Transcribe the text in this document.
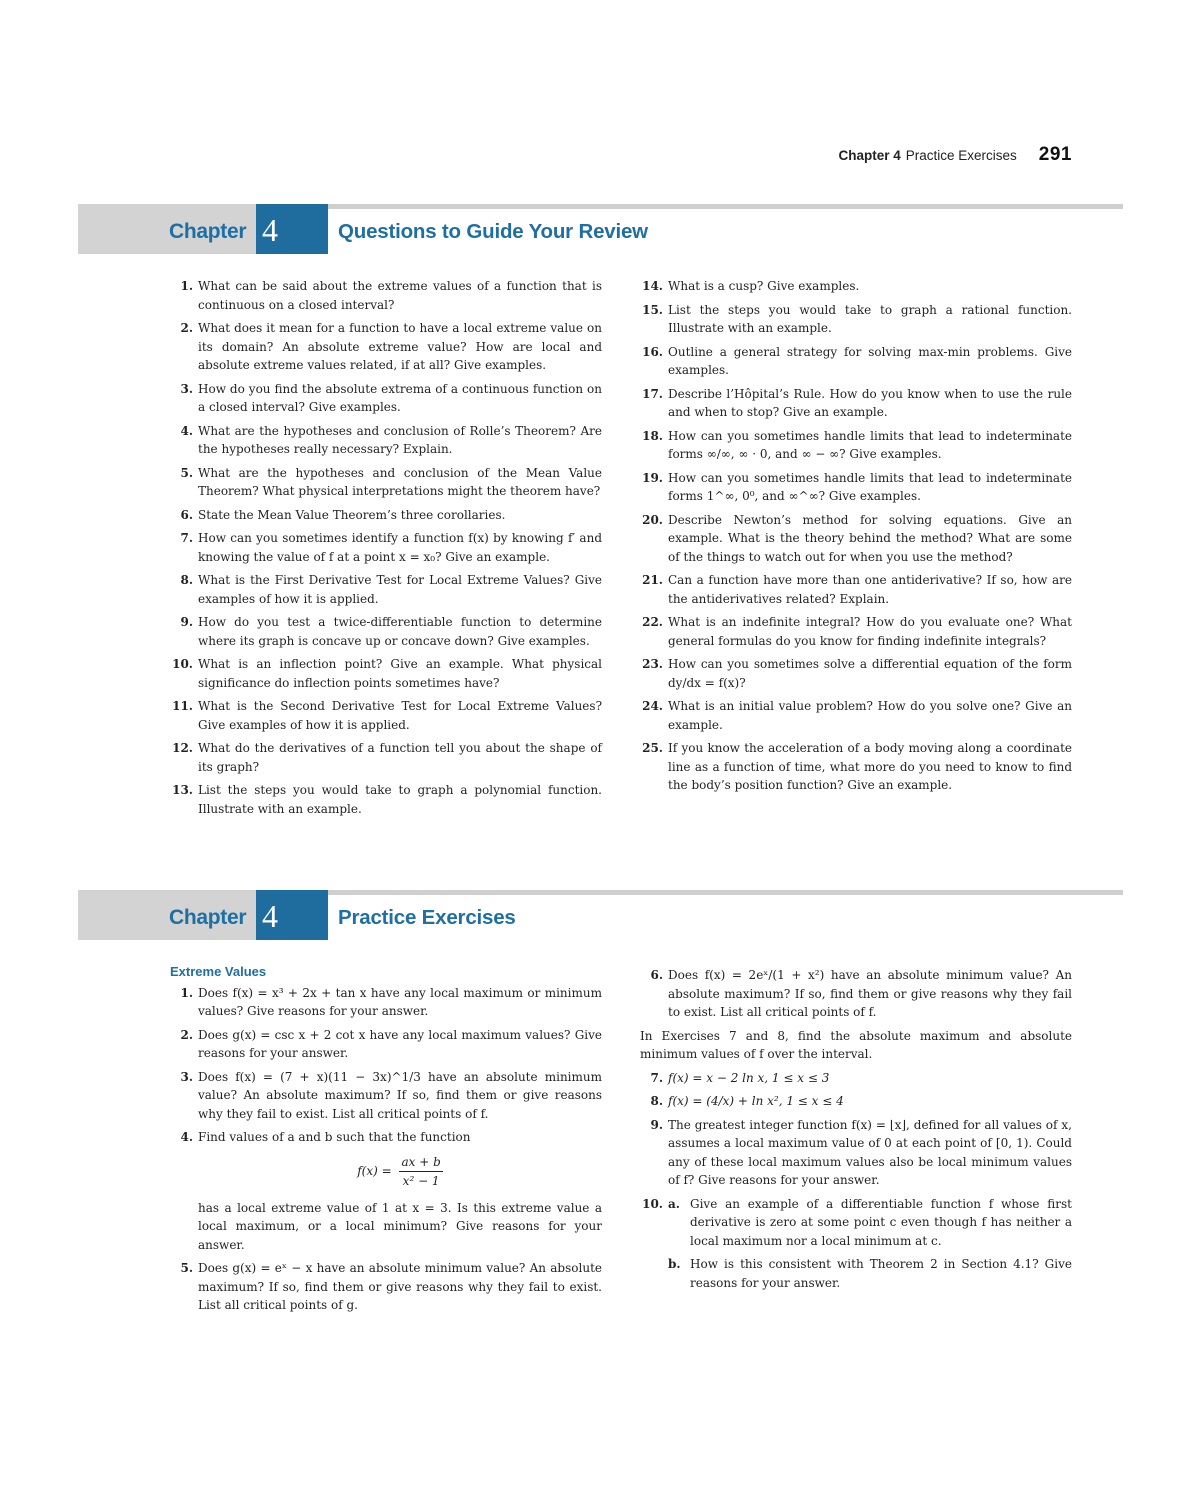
Chapter 4 Practice Exercises 291
Chapter 4	Questions to Guide Your Review
1. What can be said about the extreme values of a function that is continuous on a closed interval?
2. What does it mean for a function to have a local extreme value on its domain? An absolute extreme value? How are local and absolute extreme values related, if at all? Give examples.
3. How do you find the absolute extrema of a continuous function on a closed interval? Give examples.
4. What are the hypotheses and conclusion of Rolle’s Theorem? Are the hypotheses really necessary? Explain.
5. What are the hypotheses and conclusion of the Mean Value Theorem? What physical interpretations might the theorem have?
6. State the Mean Value Theorem’s three corollaries.
7. How can you sometimes identify a function f(x) by knowing f′ and knowing the value of f at a point x = x₀? Give an example.
8. What is the First Derivative Test for Local Extreme Values? Give examples of how it is applied.
9. How do you test a twice-differentiable function to determine where its graph is concave up or concave down? Give examples.
10. What is an inflection point? Give an example. What physical significance do inflection points sometimes have?
11. What is the Second Derivative Test for Local Extreme Values? Give examples of how it is applied.
12. What do the derivatives of a function tell you about the shape of its graph?
13. List the steps you would take to graph a polynomial function. Illustrate with an example.
14. What is a cusp? Give examples.
15. List the steps you would take to graph a rational function. Illustrate with an example.
16. Outline a general strategy for solving max-min problems. Give examples.
17. Describe l’Hôpital’s Rule. How do you know when to use the rule and when to stop? Give an example.
18. How can you sometimes handle limits that lead to indeterminate forms ∞/∞, ∞ · 0, and ∞ − ∞? Give examples.
19. How can you sometimes handle limits that lead to indeterminate forms 1^∞, 0⁰, and ∞^∞? Give examples.
20. Describe Newton’s method for solving equations. Give an example. What is the theory behind the method? What are some of the things to watch out for when you use the method?
21. Can a function have more than one antiderivative? If so, how are the antiderivatives related? Explain.
22. What is an indefinite integral? How do you evaluate one? What general formulas do you know for finding indefinite integrals?
23. How can you sometimes solve a differential equation of the form dy/dx = f(x)?
24. What is an initial value problem? How do you solve one? Give an example.
25. If you know the acceleration of a body moving along a coordinate line as a function of time, what more do you need to know to find the body’s position function? Give an example.
Chapter 4	Practice Exercises
Extreme Values
1. Does f(x) = x³ + 2x + tan x have any local maximum or minimum values? Give reasons for your answer.
2. Does g(x) = csc x + 2 cot x have any local maximum values? Give reasons for your answer.
3. Does f(x) = (7 + x)(11 − 3x)^1/3 have an absolute minimum value? An absolute maximum? If so, find them or give reasons why they fail to exist. List all critical points of f.
4. Find values of a and b such that the function
$f(x) = \frac{ax + b}{\text{x² − 1}}$
has a local extreme value of 1 at x = 3. Is this extreme value a local maximum, or a local minimum? Give reasons for your answer.
5. Does g(x) = eˣ − x have an absolute minimum value? An absolute maximum? If so, find them or give reasons why they fail to exist. List all critical points of g.
6. Does f(x) = 2eˣ/(1 + x²) have an absolute minimum value? An absolute maximum? If so, find them or give reasons why they fail to exist. List all critical points of f.
In Exercises 7 and 8, find the absolute maximum and absolute minimum values of f over the interval.
7. f(x) = x − 2 ln x, 1 ≤ x ≤ 3
8. f(x) = (4/x) + ln x², 1 ≤ x ≤ 4
9. The greatest integer function f(x) = ⌊x⌋, defined for all values of x, assumes a local maximum value of 0 at each point of [0, 1). Could any of these local maximum values also be local minimum values of f? Give reasons for your answer.
10. a. Give an example of a differentiable function f whose first derivative is zero at some point c even though f has neither a local maximum nor a local minimum at c.
b. How is this consistent with Theorem 2 in Section 4.1? Give reasons for your answer.
